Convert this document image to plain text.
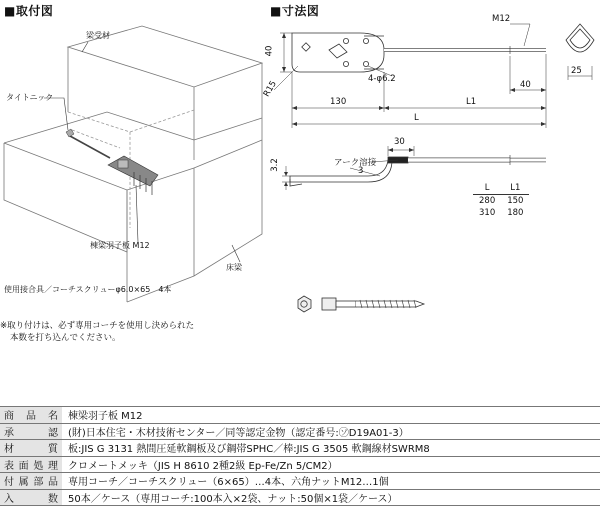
■取付図
梁受材
タイトニック
棟梁羽子板 M12
床梁
使用接合具／コーチスクリューφ6.0×65　4本
※取り付けは、必ず専用コーチを使用し決められた
本数を打ち込んでください。
■寸法図
M12
40
R15
4-φ6.2
40
25
130	L1
L
30
3.2	3
アーク溶接
L	L1
280	150
310	180
商品名	棟梁羽子板 M12
承認	(財)日本住宅・木材技術センター／同等認定金物（認定番号:㋞D19A01-3）
材質	板:JIS G 3131 熱間圧延軟鋼板及び鋼帯SPHC／棒:JIS G 3505 軟鋼線材SWRM8
表面処理	クロメートメッキ（JIS H 8610 2種2級 Ep-Fe/Zn 5/CM2）
付属部品	専用コーチ／コーチスクリュー（6×65）…4本、六角ナットM12…1個
入数	50本／ケース（専用コーチ:100本入×2袋、ナット:50個×1袋／ケース）
